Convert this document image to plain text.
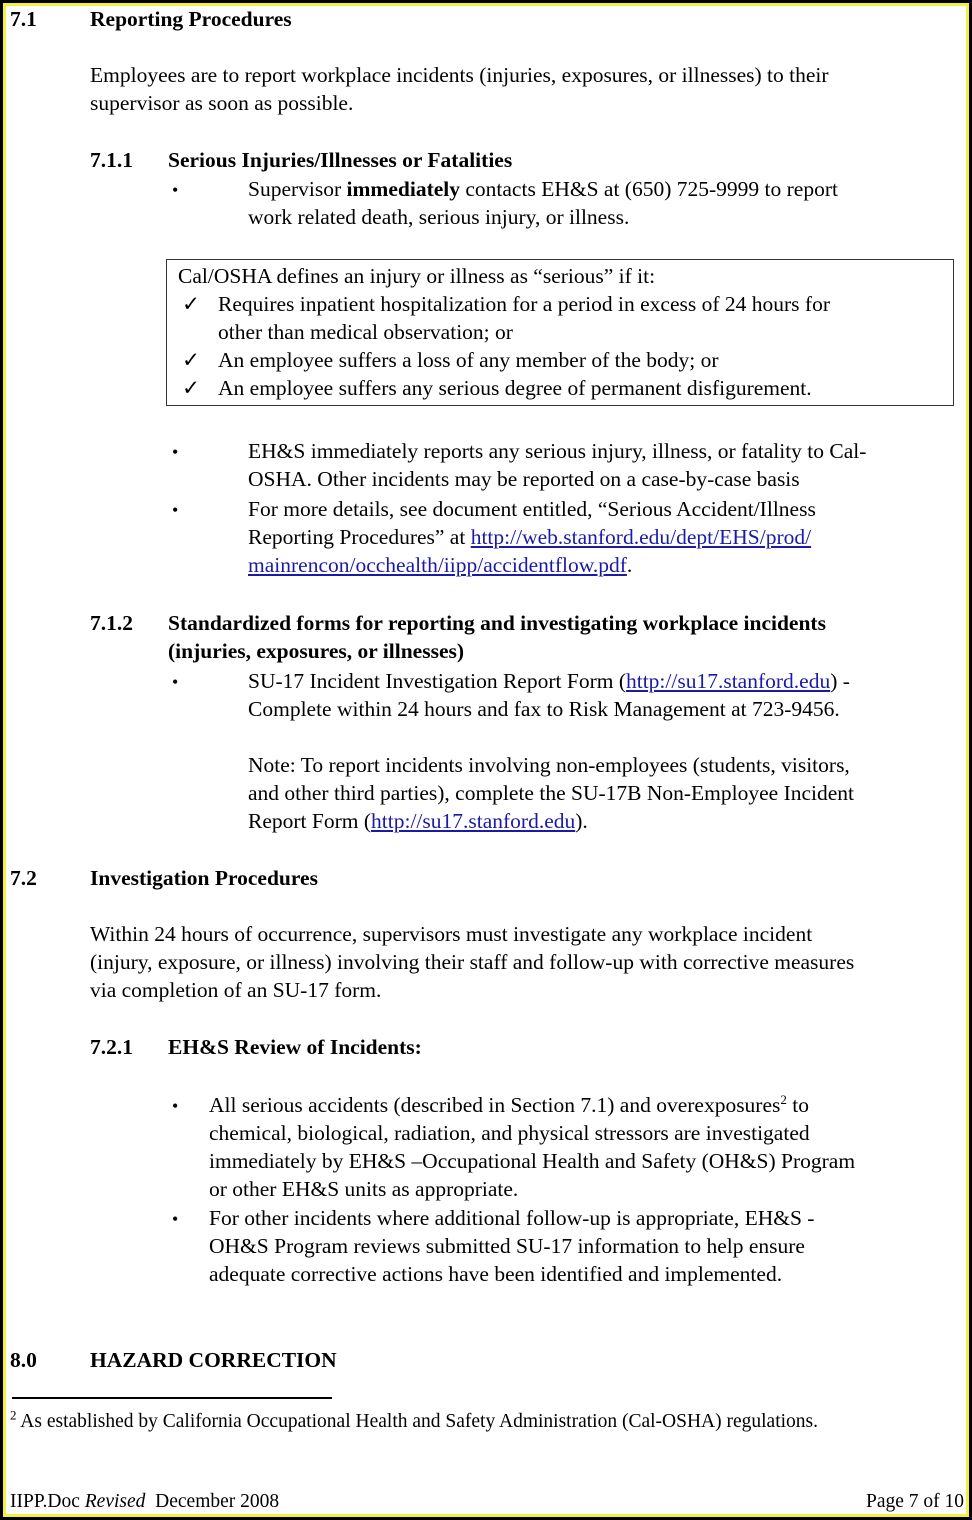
7.1 Reporting Procedures
Employees are to report workplace incidents (injuries, exposures, or illnesses) to their
supervisor as soon as possible.
7.1.1 Serious Injuries/Illnesses or Fatalities
•	Supervisor immediately contacts EH&S at (650) 725-9999 to report
work related death, serious injury, or illness.
Cal/OSHA defines an injury or illness as “serious” if it:
✓ Requires inpatient hospitalization for a period in excess of 24 hours for
other than medical observation; or
✓ An employee suffers a loss of any member of the body; or
✓ An employee suffers any serious degree of permanent disfigurement.
•	EH&S immediately reports any serious injury, illness, or fatality to Cal-
OSHA. Other incidents may be reported on a case-by-case basis
•	For more details, see document entitled, “Serious Accident/Illness
Reporting Procedures” at http://web.stanford.edu/dept/EHS/prod/
mainrencon/occhealth/iipp/accidentflow.pdf.
7.1.2 Standardized forms for reporting and investigating workplace incidents
(injuries, exposures, or illnesses)
•	SU-17 Incident Investigation Report Form (http://su17.stanford.edu) -
Complete within 24 hours and fax to Risk Management at 723-9456.
Note: To report incidents involving non-employees (students, visitors,
and other third parties), complete the SU-17B Non-Employee Incident
Report Form (http://su17.stanford.edu).
7.2 Investigation Procedures
Within 24 hours of occurrence, supervisors must investigate any workplace incident
(injury, exposure, or illness) involving their staff and follow-up with corrective measures
via completion of an SU-17 form.
7.2.1 EH&S Review of Incidents:
• All serious accidents (described in Section 7.1) and overexposures$^2$ to
chemical, biological, radiation, and physical stressors are investigated
immediately by EH&S –Occupational Health and Safety (OH&S) Program
or other EH&S units as appropriate.
• For other incidents where additional follow-up is appropriate, EH&S -
OH&S Program reviews submitted SU-17 information to help ensure
adequate corrective actions have been identified and implemented.
8.0 HAZARD CORRECTION
$^2$ As established by California Occupational Health and Safety Administration (Cal-OSHA) regulations.
IIPP.Doc Revised  December 2008	Page 7 of 10
